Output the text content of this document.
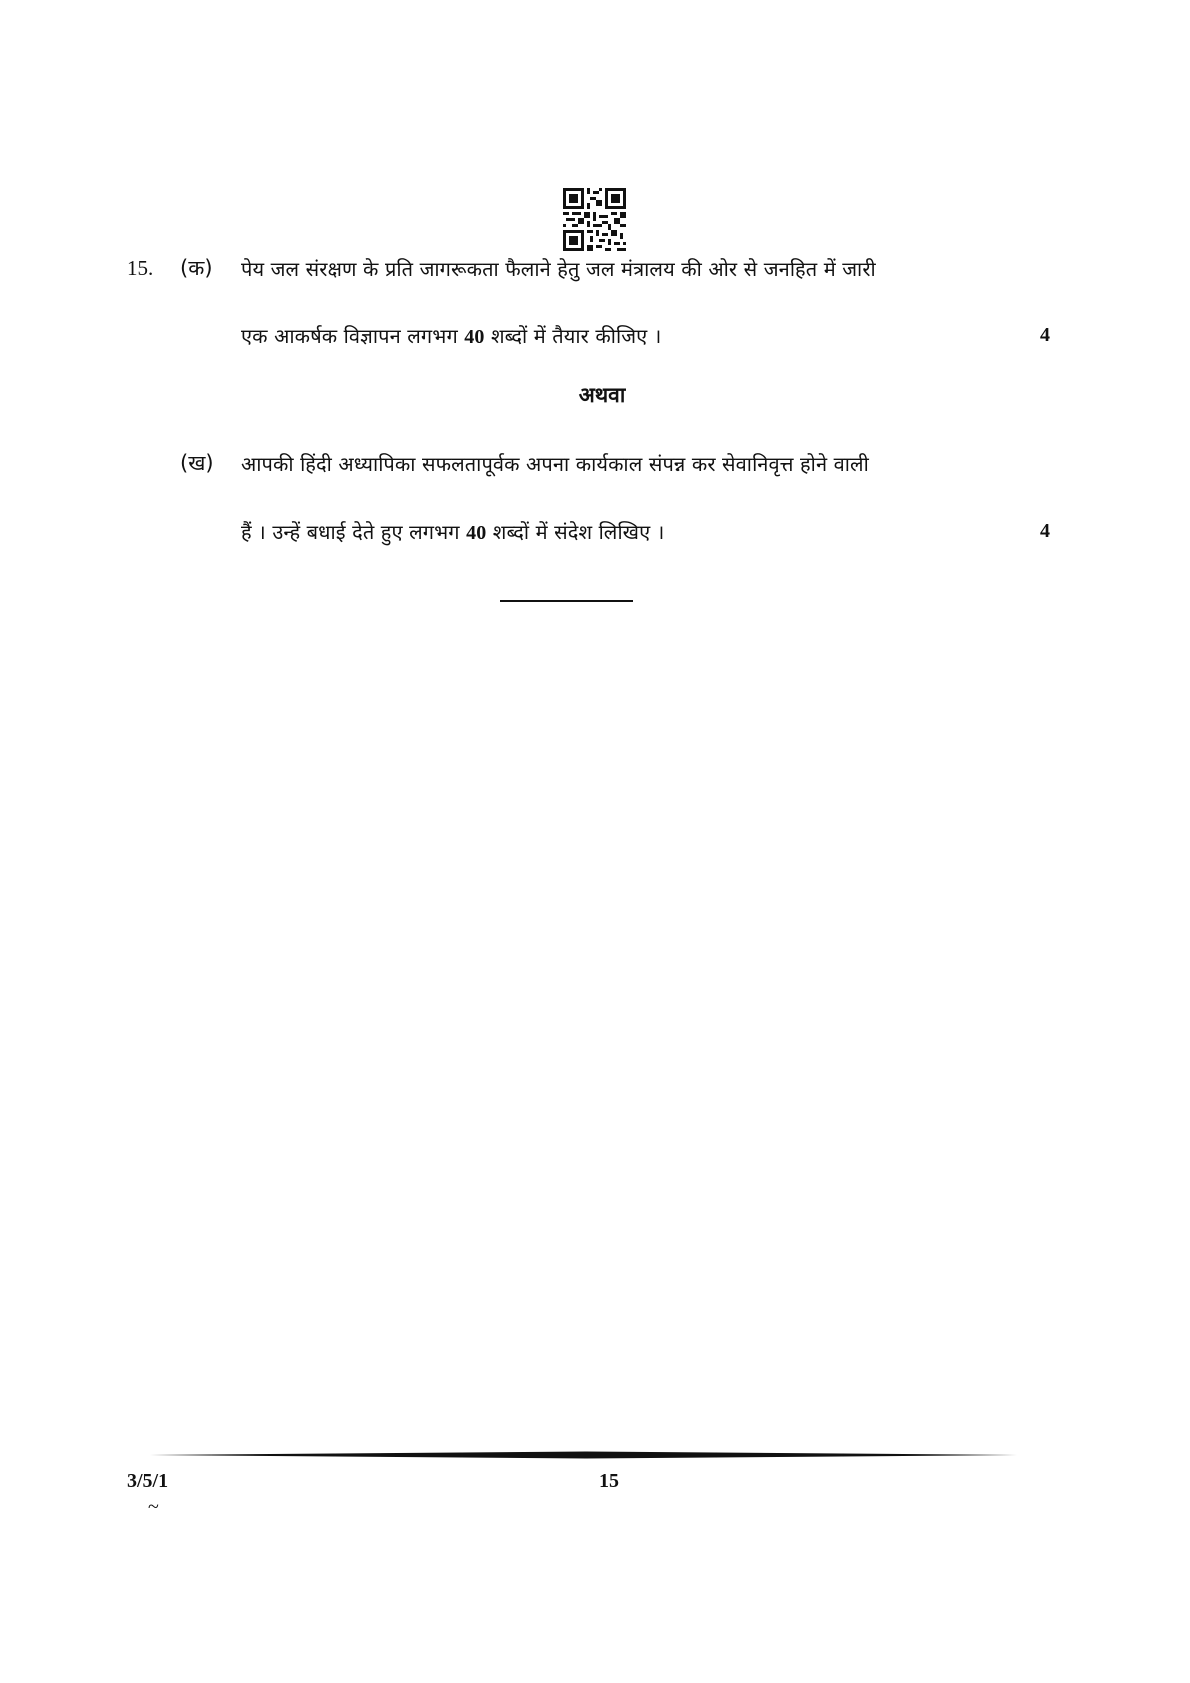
15. (क) पेय जल संरक्षण के प्रति जागरूकता फैलाने हेतु जल मंत्रालय की ओर से जनहित में जारी
एक आकर्षक विज्ञापन लगभग 40 शब्दों में तैयार कीजिए ।	4
अथवा
(ख) आपकी हिंदी अध्यापिका सफलतापूर्वक अपना कार्यकाल संपन्न कर सेवानिवृत्त होने वाली
हैं । उन्हें बधाई देते हुए लगभग 40 शब्दों में संदेश लिखिए ।	4
3/5/1	15
~
